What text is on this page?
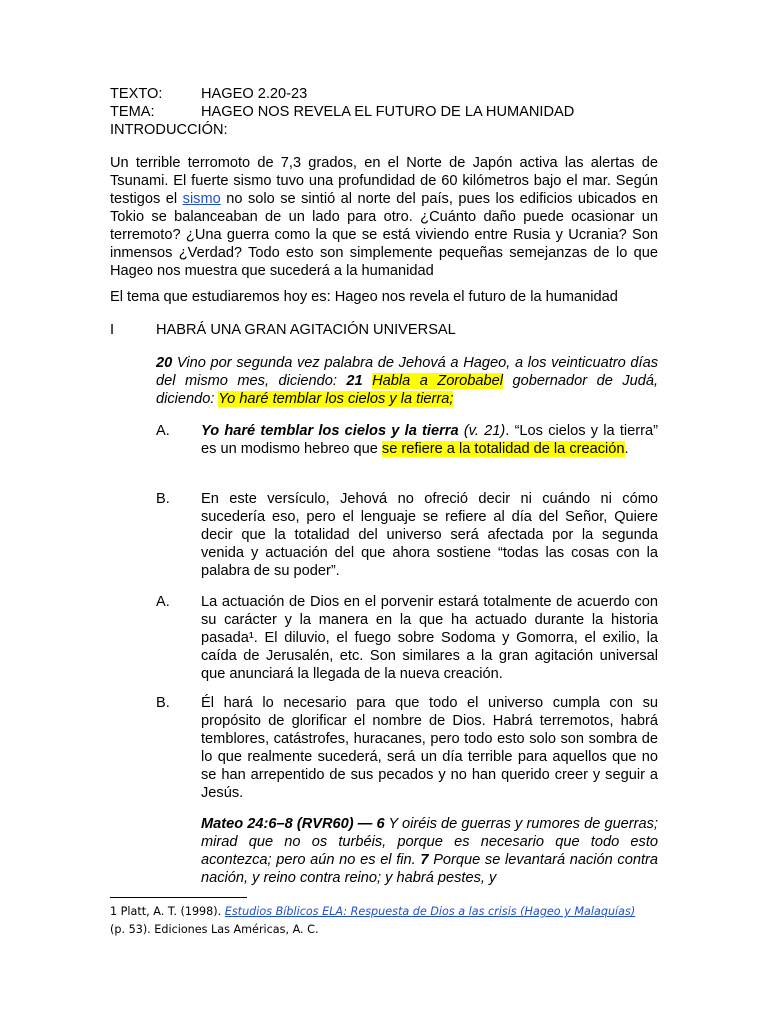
TEXTO:	HAGEO 2.20-23
TEMA:	HAGEO NOS REVELA EL FUTURO DE LA HUMANIDAD
INTRODUCCIÓN:
Un terrible terromoto de 7,3 grados, en el Norte de Japón activa las alertas de Tsunami. El fuerte sismo tuvo una profundidad de 60 kilómetros bajo el mar. Según testigos el sismo no solo se sintió al norte del país, pues los edificios ubicados en Tokio se balanceaban de un lado para otro. ¿Cuánto daño puede ocasionar un terremoto? ¿Una guerra como la que se está viviendo entre Rusia y Ucrania? Son inmensos ¿Verdad? Todo esto son simplemente pequeñas semejanzas de lo que Hageo nos muestra que sucederá a la humanidad
El tema que estudiaremos hoy es: Hageo nos revela el futuro de la humanidad
I	HABRÁ UNA GRAN AGITACIÓN UNIVERSAL
20 Vino por segunda vez palabra de Jehová a Hageo, a los veinticuatro días del mismo mes, diciendo: 21 Habla a Zorobabel gobernador de Judá, diciendo: Yo haré temblar los cielos y la tierra;
A. Yo haré temblar los cielos y la tierra (v. 21). “Los cielos y la tierra” es un modismo hebreo que se refiere a la totalidad de la creación.
B. En este versículo, Jehová no ofreció decir ni cuándo ni cómo sucedería eso, pero el lenguaje se refiere al día del Señor, Quiere decir que la totalidad del universo será afectada por la segunda venida y actuación del que ahora sostiene “todas las cosas con la palabra de su poder”.
A. La actuación de Dios en el porvenir estará totalmente de acuerdo con su carácter y la manera en la que ha actuado durante la historia pasada¹. El diluvio, el fuego sobre Sodoma y Gomorra, el exilio, la caída de Jerusalén, etc. Son similares a la gran agitación universal que anunciará la llegada de la nueva creación.
B. Él hará lo necesario para que todo el universo cumpla con su propósito de glorificar el nombre de Dios. Habrá terremotos, habrá temblores, catástrofes, huracanes, pero todo esto solo son sombra de lo que realmente sucederá, será un día terrible para aquellos que no se han arrepentido de sus pecados y no han querido creer y seguir a Jesús.
Mateo 24:6–8 (RVR60) — 6 Y oiréis de guerras y rumores de guerras; mirad que no os turbéis, porque es necesario que todo esto acontezca; pero aún no es el fin. 7 Porque se levantará nación contra nación, y reino contra reino; y habrá pestes, y
1 Platt, A. T. (1998). Estudios Bíblicos ELA: Respuesta de Dios a las crisis (Hageo y Malaquías)
(p. 53). Ediciones Las Américas, A. C.
